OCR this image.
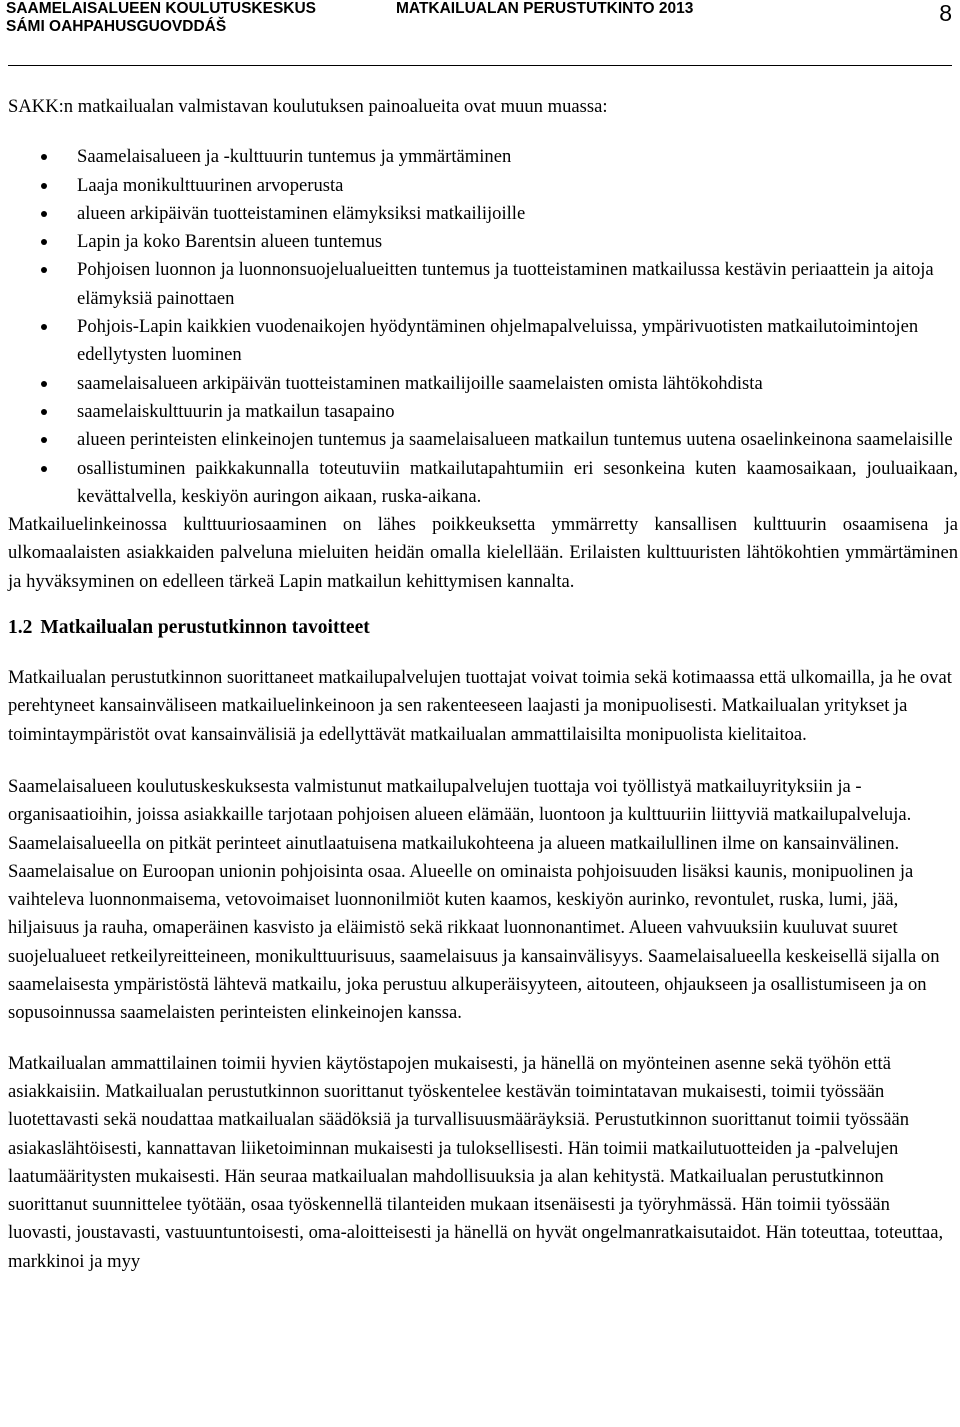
SAAMELAISALUEEN KOULUTUSKESKUS
SÁMI OAHPAHUSGUOVDDÁŠ
MATKAILUALAN PERUSTUTKINTO 2013	8

SAKK:n matkailualan valmistavan koulutuksen painoalueita ovat muun muassa:

Saamelaisalueen ja -kulttuurin tuntemus ja ymmärtäminen
Laaja monikulttuurinen arvoperusta
alueen arkipäivän tuotteistaminen elämyksiksi matkailijoille
Lapin ja koko Barentsin alueen tuntemus
Pohjoisen luonnon ja luonnonsuojelualueitten tuntemus ja tuotteistaminen matkailussa kestävin periaattein ja aitoja elämyksiä painottaen
Pohjois-Lapin kaikkien vuodenaikojen hyödyntäminen ohjelmapalveluissa, ympärivuotisten matkailutoimintojen edellytysten luominen
saamelaisalueen arkipäivän tuotteistaminen matkailijoille saamelaisten omista lähtökohdista
saamelaiskulttuurin ja matkailun tasapaino
alueen perinteisten elinkeinojen tuntemus ja saamelaisalueen matkailun tuntemus uutena osaelinkeinona saamelaisille
osallistuminen paikkakunnalla toteutuviin matkailutapahtumiin eri sesonkeina kuten kaamosaikaan, jouluaikaan, kevättalvella, keskiyön auringon aikaan, ruska-aikana.

Matkailuelinkeinossa kulttuuriosaaminen on lähes poikkeuksetta ymmärretty kansallisen kulttuurin osaamisena ja ulkomaalaisten asiakkaiden palveluna mieluiten heidän omalla kielellään. Erilaisten kulttuuristen lähtökohtien ymmärtäminen ja hyväksyminen on edelleen tärkeä Lapin matkailun kehittymisen kannalta.

1.2 Matkailualan perustutkinnon tavoitteet

Matkailualan perustutkinnon suorittaneet matkailupalvelujen tuottajat voivat toimia sekä kotimaassa että ulkomailla, ja he ovat perehtyneet kansainväliseen matkailuelinkeinoon ja sen rakenteeseen laajasti ja monipuolisesti. Matkailualan yritykset ja toimintaympäristöt ovat kansainvälisiä ja edellyttävät matkailualan ammattilaisilta monipuolista kielitaitoa.

Saamelaisalueen koulutuskeskuksesta valmistunut matkailupalvelujen tuottaja voi työllistyä matkailuyrityksiin ja -organisaatioihin, joissa asiakkaille tarjotaan pohjoisen alueen elämään, luontoon ja kulttuuriin liittyviä matkailupalveluja. Saamelaisalueella on pitkät perinteet ainutlaatuisena matkailukohteena ja alueen matkailullinen ilme on kansainvälinen. Saamelaisalue on Euroopan unionin pohjoisinta osaa. Alueelle on ominaista pohjoisuuden lisäksi kaunis, monipuolinen ja vaihteleva luonnonmaisema, vetovoimaiset luonnonilmiöt kuten kaamos, keskiyön aurinko, revontulet, ruska, lumi, jää, hiljaisuus ja rauha, omaperäinen kasvisto ja eläimistö sekä rikkaat luonnonantimet. Alueen vahvuuksiin kuuluvat suuret suojelualueet retkeilyreitteineen, monikulttuurisuus, saamelaisuus ja kansainvälisyys. Saamelaisalueella keskeisellä sijalla on saamelaisesta ympäristöstä lähtevä matkailu, joka perustuu alkuperäisyyteen, aitouteen, ohjaukseen ja osallistumiseen ja on sopusoinnussa saamelaisten perinteisten elinkeinojen kanssa.

Matkailualan ammattilainen toimii hyvien käytöstapojen mukaisesti, ja hänellä on myönteinen asenne sekä työhön että asiakkaisiin. Matkailualan perustutkinnon suorittanut työskentelee kestävän toimintatavan mukaisesti, toimii työssään luotettavasti sekä noudattaa matkailualan säädöksiä ja turvallisuusmääräyksiä. Perustutkinnon suorittanut toimii työssään asiakaslähtöisesti, kannattavan liiketoiminnan mukaisesti ja tuloksellisesti. Hän toimii matkailutuotteiden ja -palvelujen laatumääritysten mukaisesti. Hän seuraa matkailualan mahdollisuuksia ja alan kehitystä. Matkailualan perustutkinnon suorittanut suunnittelee työtään, osaa työskennellä tilanteiden mukaan itsenäisesti ja työryhmässä. Hän toimii työssään luovasti, joustavasti, vastuuntuntoisesti, oma-aloitteisesti ja hänellä on hyvät ongelmanratkaisutaidot. Hän toteuttaa, toteuttaa, markkinoi ja myy
